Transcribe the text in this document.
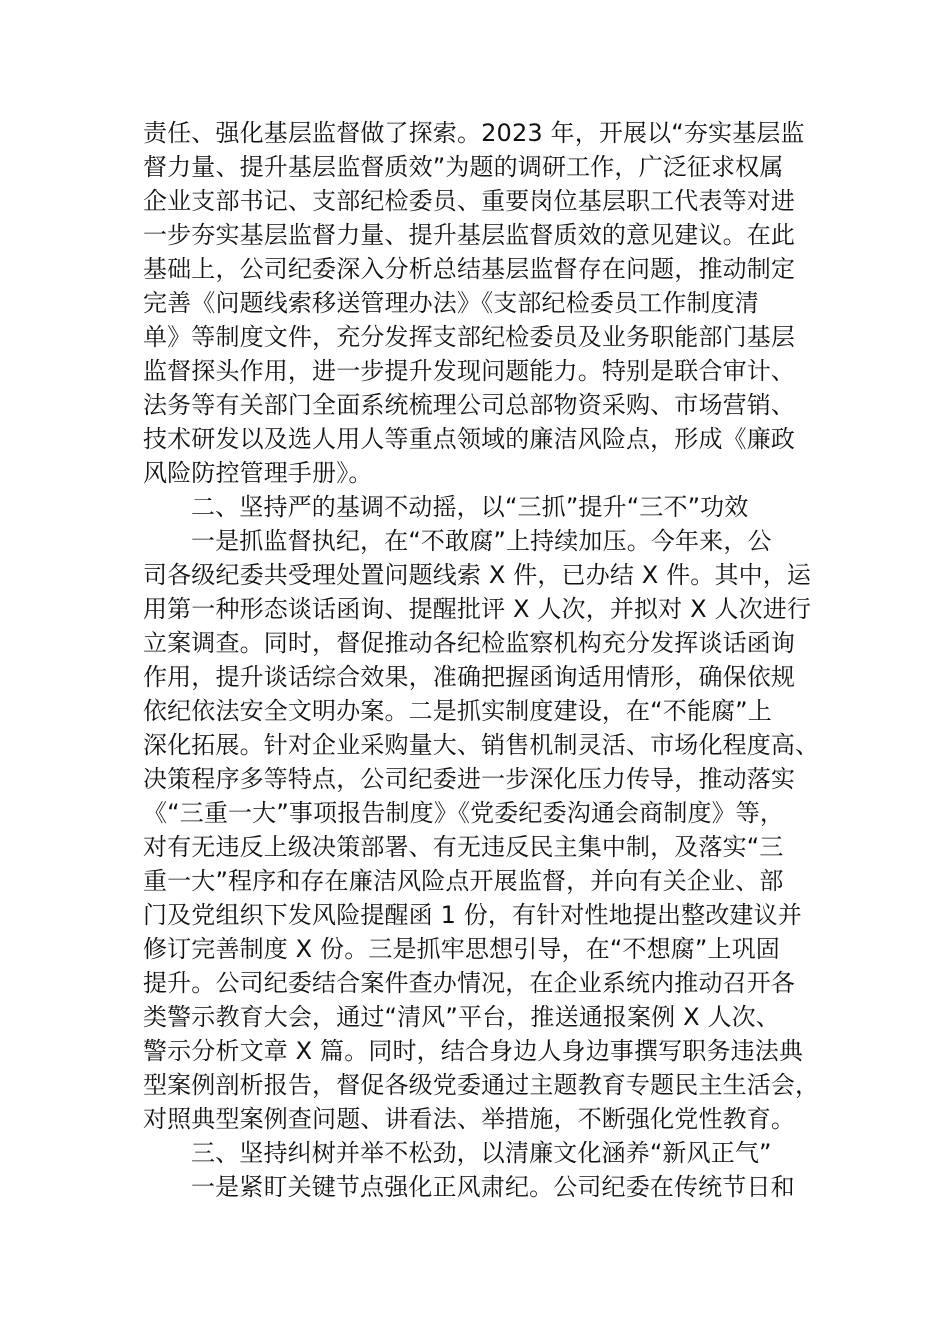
责任、强化基层监督做了探索。2023 年，开展以“夯实基层监
督力量、提升基层监督质效”为题的调研工作，广泛征求权属
企业支部书记、支部纪检委员、重要岗位基层职工代表等对进
一步夯实基层监督力量、提升基层监督质效的意见建议。在此
基础上，公司纪委深入分析总结基层监督存在问题，推动制定
完善《问题线索移送管理办法》《支部纪检委员工作制度清
单》等制度文件，充分发挥支部纪检委员及业务职能部门基层
监督探头作用，进一步提升发现问题能力。特别是联合审计、
法务等有关部门全面系统梳理公司总部物资采购、市场营销、
技术研发以及选人用人等重点领域的廉洁风险点，形成《廉政
风险防控管理手册》。
二、坚持严的基调不动摇，以“三抓”提升“三不”功效
一是抓监督执纪，在“不敢腐”上持续加压。今年来，公
司各级纪委共受理处置问题线索 X 件，已办结 X 件。其中，运
用第一种形态谈话函询、提醒批评 X 人次，并拟对 X 人次进行
立案调查。同时，督促推动各纪检监察机构充分发挥谈话函询
作用，提升谈话综合效果，准确把握函询适用情形，确保依规
依纪依法安全文明办案。二是抓实制度建设，在“不能腐”上
深化拓展。针对企业采购量大、销售机制灵活、市场化程度高、
决策程序多等特点，公司纪委进一步深化压力传导，推动落实
《“三重一大”事项报告制度》《党委纪委沟通会商制度》等，
对有无违反上级决策部署、有无违反民主集中制，及落实“三
重一大”程序和存在廉洁风险点开展监督，并向有关企业、部
门及党组织下发风险提醒函 1 份，有针对性地提出整改建议并
修订完善制度 X 份。三是抓牢思想引导，在“不想腐”上巩固
提升。公司纪委结合案件查办情况，在企业系统内推动召开各
类警示教育大会，通过“清风”平台，推送通报案例 X 人次、
警示分析文章 X 篇。同时，结合身边人身边事撰写职务违法典
型案例剖析报告，督促各级党委通过主题教育专题民主生活会，
对照典型案例查问题、讲看法、举措施，不断强化党性教育。
三、坚持纠树并举不松劲，以清廉文化涵养“新风正气”
一是紧盯关键节点强化正风肃纪。公司纪委在传统节日和
